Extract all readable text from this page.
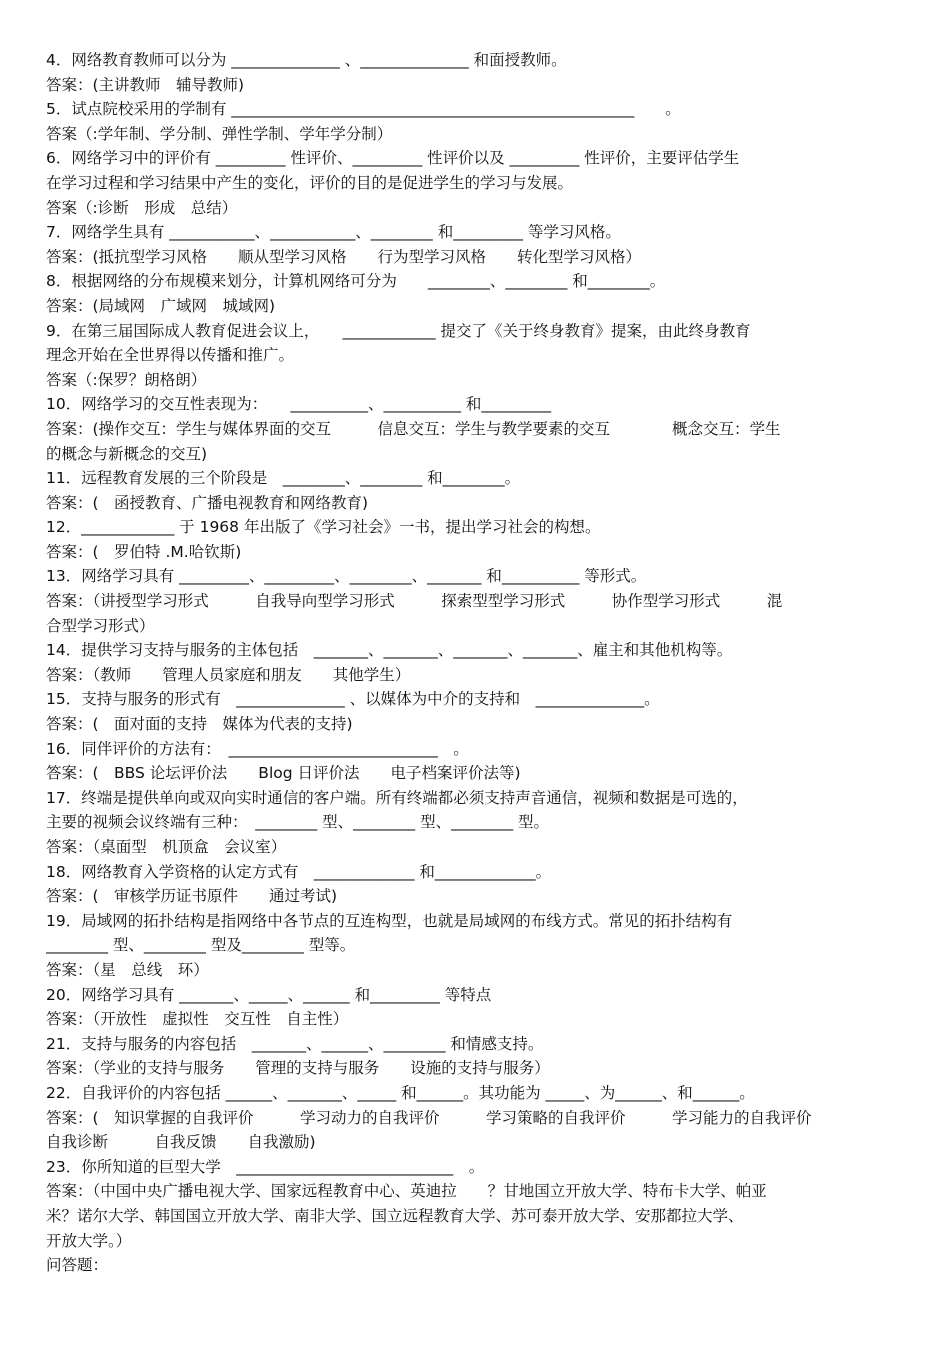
4．网络教育教师可以分为 ______________ 、______________ 和面授教师。
答案：(主讲教师　辅导教师)
5．试点院校采用的学制有 ____________________________________________________　　。
答案（:学年制、学分制、弹性学制、学年学分制）
6．网络学习中的评价有 _________ 性评价、_________ 性评价以及 _________ 性评价，主要评估学生
在学习过程和学习结果中产生的变化，评价的目的是促进学生的学习与发展。
答案（:诊断　形成　总结）
7．网络学生具有 ___________、___________、________ 和_________ 等学习风格。
答案：(抵抗型学习风格　　顺从型学习风格　　行为型学习风格　　转化型学习风格）
8．根据网络的分布规模来划分，计算机网络可分为　　________、________ 和________。
答案：(局域网　广域网　城域网)
9．在第三届国际成人教育促进会议上，　　____________ 提交了《关于终身教育》提案，由此终身教育
理念开始在全世界得以传播和推广。
答案（:保罗？朗格朗）
10．网络学习的交互性表现为：　　__________、__________ 和_________
答案：(操作交互：学生与媒体界面的交互　　　信息交互：学生与教学要素的交互　　　　概念交互：学生
的概念与新概念的交互)
11．远程教育发展的三个阶段是　________、________ 和________。
答案：(　函授教育、广播电视教育和网络教育)
12．____________ 于 1968 年出版了《学习社会》一书，提出学习社会的构想。
答案：(　罗伯特 .M.哈钦斯)
13．网络学习具有 _________、_________、________、_______ 和__________ 等形式。
答案：（讲授型学习形式　　　自我导向型学习形式　　　探索型型学习形式　　　协作型学习形式　　　混
合型学习形式）
14．提供学习支持与服务的主体包括　_______、_______、_______、_______、雇主和其他机构等。
答案：（教师　　管理人员家庭和朋友　　其他学生）
15．支持与服务的形式有　______________ 、以媒体为中介的支持和　______________。
答案：(　面对面的支持　媒体为代表的支持)
16．同伴评价的方法有：　___________________________　。
答案：(　BBS 论坛评价法　　Blog 日评价法　　电子档案评价法等)
17．终端是提供单向或双向实时通信的客户端。所有终端都必须支持声音通信，视频和数据是可选的，
主要的视频会议终端有三种：　________ 型、________ 型、________ 型。
答案：（桌面型　机顶盒　会议室）
18．网络教育入学资格的认定方式有　_____________ 和_____________。
答案：(　审核学历证书原件　　通过考试)
19．局域网的拓扑结构是指网络中各节点的互连构型，也就是局域网的布线方式。常见的拓扑结构有
________ 型、________ 型及________ 型等。
答案：（星　总线　环）
20．网络学习具有 _______、_____、______ 和_________ 等特点
答案：（开放性　虚拟性　交互性　自主性）
21．支持与服务的内容包括　_______、______、________ 和情感支持。
答案：（学业的支持与服务　　管理的支持与服务　　设施的支持与服务）
22．自我评价的内容包括 ______、_______、_____ 和______。其功能为 _____、为______、和______。
答案：(　知识掌握的自我评价　　　学习动力的自我评价　　　学习策略的自我评价　　　学习能力的自我评价
自我诊断　　　自我反馈　　自我激励)
23．你所知道的巨型大学　____________________________　。
答案：（中国中央广播电视大学、国家远程教育中心、英迪拉　　？甘地国立开放大学、特布卡大学、帕亚
米？诺尔大学、韩国国立开放大学、南非大学、国立远程教育大学、苏可泰开放大学、安那都拉大学、
开放大学。）
问答题：
